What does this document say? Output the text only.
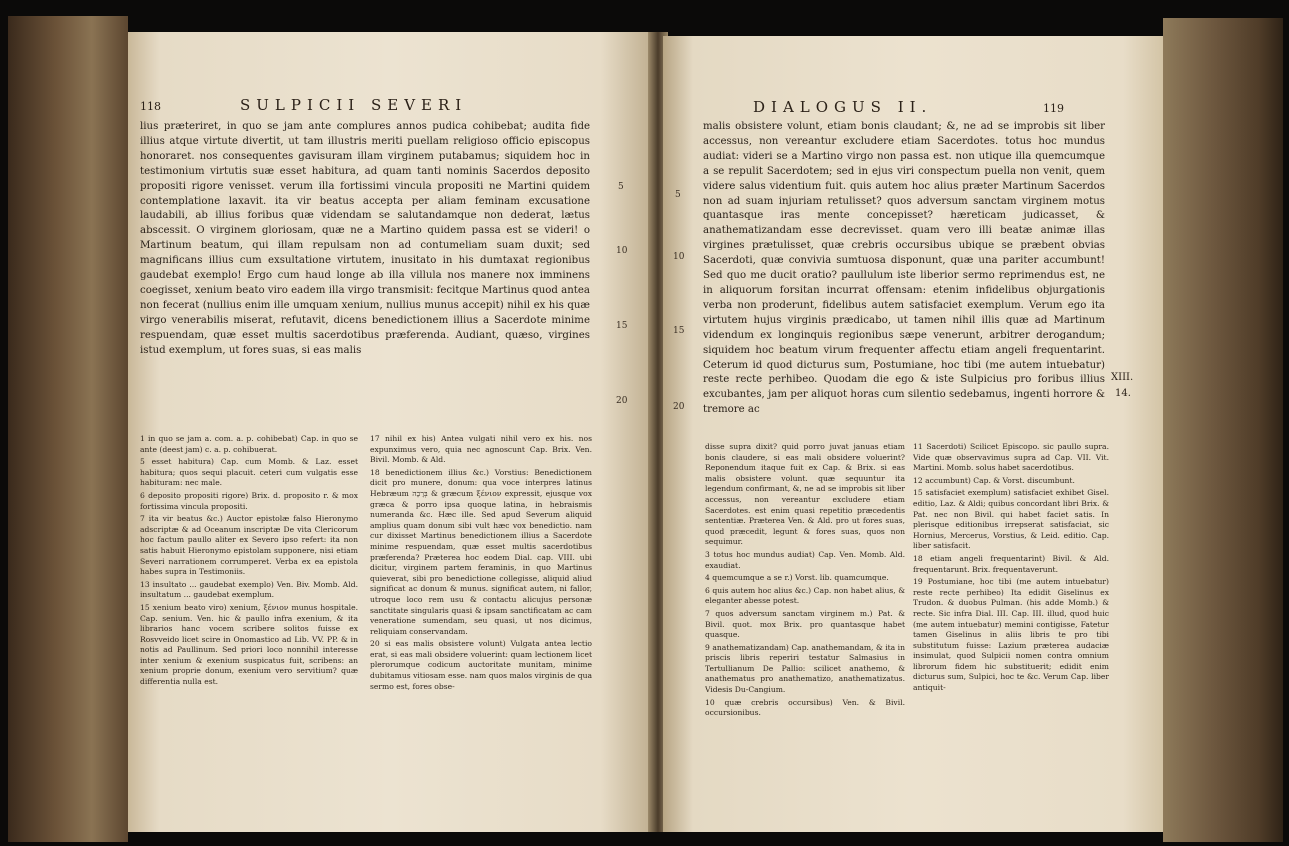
118	SULPICII SEVERI

lius præteriret, in quo se jam ante complures annos pudica cohibebat; audita fide illius atque virtute divertit, ut tam illustris meriti puellam religioso officio episcopus honoraret. nos consequentes gavisuram illam virginem putabamus; siquidem hoc in testimonium virtutis suæ esset habitura, ad quam tanti nominis Sacerdos deposito propositi rigore venisset. verum illa fortissimi vincula propositi ne Martini quidem contemplatione laxavit. ita vir beatus accepta per aliam feminam excusatione laudabili, ab illius foribus quæ videndam se salutandamque non dederat, lætus abscessit. O virginem gloriosam, quæ ne a Martino quidem passa est se videri! o Martinum beatum, qui illam repulsam non ad contumeliam suam duxit; sed magnificans illius cum exsultatione virtutem, inusitato in his dumtaxat regionibus gaudebat exemplo! Ergo cum haud longe ab illa villula nos manere nox imminens coegisset, xenium beato viro eadem illa virgo transmisit: fecitque Martinus quod antea non fecerat (nullius enim ille umquam xenium, nullius munus accepit) nihil ex his quæ virgo venerabilis miserat, refutavit, dicens benedictionem illius a Sacerdote minime respuendam, quæ esset multis sacerdotibus præferenda. Audiant, quæso, virgines istud exemplum, ut fores suas, si eas malis

5
10
15
20

1 in quo se jam a. com. a. p. cohibebat) Cap. in quo se ante (deest jam) c. a. p. cohibuerat.

5 esset habitura) Cap. cum Momb. & Laz. esset habitura; quos sequi placuit. ceteri cum vulgatis esse habituram: nec male.

6 deposito propositi rigore) Brix. d. proposito r. & mox fortissima vincula propositi.

7 ita vir beatus &c.) Auctor epistolæ falso Hieronymo adscriptæ & ad Oceanum inscriptæ De vita Clericorum hoc factum paullo aliter ex Severo ipso refert: ita non satis habuit Hieronymo epistolam supponere, nisi etiam Severi narrationem corrumperet. Verba ex ea epistola habes supra in Testimoniis.

13 insultato ... gaudebat exemplo) Ven. Biv. Momb. Ald. insultatum ... gaudebat exemplum.

15 xenium beato viro) xenium, ξένιον munus hospitale. Cap. senium. Ven. hic & paullo infra exenium, & ita librarios hanc vocem scribere solitos fuisse ex Rosvveido licet scire in Onomastico ad Lib. VV. PP. & in notis ad Paullinum. Sed priori loco nonnihil interesse inter xenium & exenium suspicatus fuit, scribens: an xenium proprie donum, exenium vero servitium? quæ differentia nulla est.

17 nihil ex his) Antea vulgati nihil vero ex his. nos expunximus vero, quia nec agnoscunt Cap. Brix. Ven. Bivil. Momb. & Ald.

18 benedictionem illius &c.) Vorstius: Benedictionem dicit pro munere, donum: qua voce interpres latinus Hebræum בְּרָכָה & græcum ξένιον expressit, ejusque vox græca & porro ipsa quoque latina, in hebraismis numeranda &c. Hæc ille. Sed apud Severum aliquid amplius quam donum sibi vult hæc vox benedictio. nam cur dixisset Martinus benedictionem illius a Sacerdote minime respuendam, quæ esset multis sacerdotibus præferenda? Præterea hoc eodem Dial. cap. VIII. ubi dicitur, virginem partem feraminis, in quo Martinus quieverat, sibi pro benedictione collegisse, aliquid aliud significat ac donum & munus. significat autem, ni fallor, utroque loco rem usu & contactu alicujus personæ sanctitate singularis quasi & ipsam sanctificatam ac cam veneratione sumendam, seu quasi, ut nos dicimus, reliquiam conservandam.

20 si eas malis obsistere volunt) Vulgata antea lectio erat, si eas mali obsidere voluerint: quam lectionem licet plerorumque codicum auctoritate munitam, minime dubitamus vitiosam esse. nam quos malos virginis de qua sermo est, fores obse-

DIALOGUS II.	119

malis obsistere volunt, etiam bonis claudant; &, ne ad se improbis sit liber accessus, non vereantur excludere etiam Sacerdotes. totus hoc mundus audiat: videri se a Martino virgo non passa est. non utique illa quemcumque a se repulit Sacerdotem; sed in ejus viri conspectum puella non venit, quem videre salus videntium fuit. quis autem hoc alius præter Martinum Sacerdos non ad suam injuriam retulisset? quos adversum sanctam virginem motus quantasque iras mente concepisset? hæreticam judicasset, & anathematizandam esse decrevisset. quam vero illi beatæ animæ illas virgines prætulisset, quæ crebris occursibus ubique se præbent obvias Sacerdoti, quæ convivia sumtuosa disponunt, quæ una pariter accumbunt! Sed quo me ducit oratio? paullulum iste liberior sermo reprimendus est, ne in aliquorum forsitan incurrat offensam: etenim infidelibus objurgationis verba non proderunt, fidelibus autem satisfaciet exemplum. Verum ego ita virtutem hujus virginis prædicabo, ut tamen nihil illis quæ ad Martinum videndum ex longinquis regionibus sæpe venerunt, arbitrer derogandum; siquidem hoc beatum virum frequenter affectu etiam angeli frequentarint. Ceterum id quod dicturus sum, Postumiane, hoc tibi (me autem intuebatur) reste recte perhibeo. Quodam die ego & iste Sulpicius pro foribus illius excubantes, jam per aliquot horas cum silentio sedebamus, ingenti horrore & tremore ac

5
10
15
20
XIII.
14.

disse supra dixit? quid porro juvat januas etiam bonis claudere, si eas mali obsidere voluerint? Reponendum itaque fuit ex Cap. & Brix. si eas malis obsistere volunt. quæ sequuntur ita legendum confirmant, &, ne ad se improbis sit liber accessus, non vereantur excludere etiam Sacerdotes. est enim quasi repetitio præcedentis sententiæ. Præterea Ven. & Ald. pro ut fores suas, quod præcedit, legunt & fores suas, quos non sequimur.

3 totus hoc mundus audiat) Cap. Ven. Momb. Ald. exaudiat.

4 quemcumque a se r.) Vorst. lib. quamcumque.

6 quis autem hoc alius &c.) Cap. non habet alius, & eleganter abesse potest.

7 quos adversum sanctam virginem m.) Pat. & Bivil. quot. mox Brix. pro quantasque habet quasque.

9 anathematizandam) Cap. anathemandam, & ita in priscis libris reperiri testatur Salmasius in Tertullianum De Pallio: scilicet anathemo, & anathematus pro anathematizo, anathematizatus. Videsis Du-Cangium.

10 quæ crebris occursibus) Ven. & Bivil. occursionibus.

11 Sacerdoti) Scilicet Episcopo. sic paullo supra. Vide quæ observavimus supra ad Cap. VII. Vit. Martini. Momb. solus habet sacerdotibus.

12 accumbunt) Cap. & Vorst. discumbunt.

15 satisfaciet exemplum) satisfaciet exhibet Gisel. editio, Laz. & Aldi; quibus concordant libri Brix. & Pat. nec non Bivil. qui habet faciet satis. In plerisque editionibus irrepserat satisfaciat, sic Hornius, Mercerus, Vorstius, & Leid. editio. Cap. liber satisfacit.

18 etiam angeli frequentarint) Bivil. & Ald. frequentarunt. Brix. frequentaverunt.

19 Postumiane, hoc tibi (me autem intuebatur) reste recte perhibeo) Ita edidit Giselinus ex Trudon. & duobus Pulman. (his adde Momb.) & recte. Sic infra Dial. III. Cap. III. illud, quod huic (me autem intuebatur) memini contigisse, Fatetur tamen Giselinus in aliis libris te pro tibi substitutum fuisse: Lazium præterea audaciæ insimulat, quod Sulpicii nomen contra omnium librorum fidem hic substituerit; edidit enim dicturus sum, Sulpici, hoc te &c. Verum Cap. liber antiquit-
